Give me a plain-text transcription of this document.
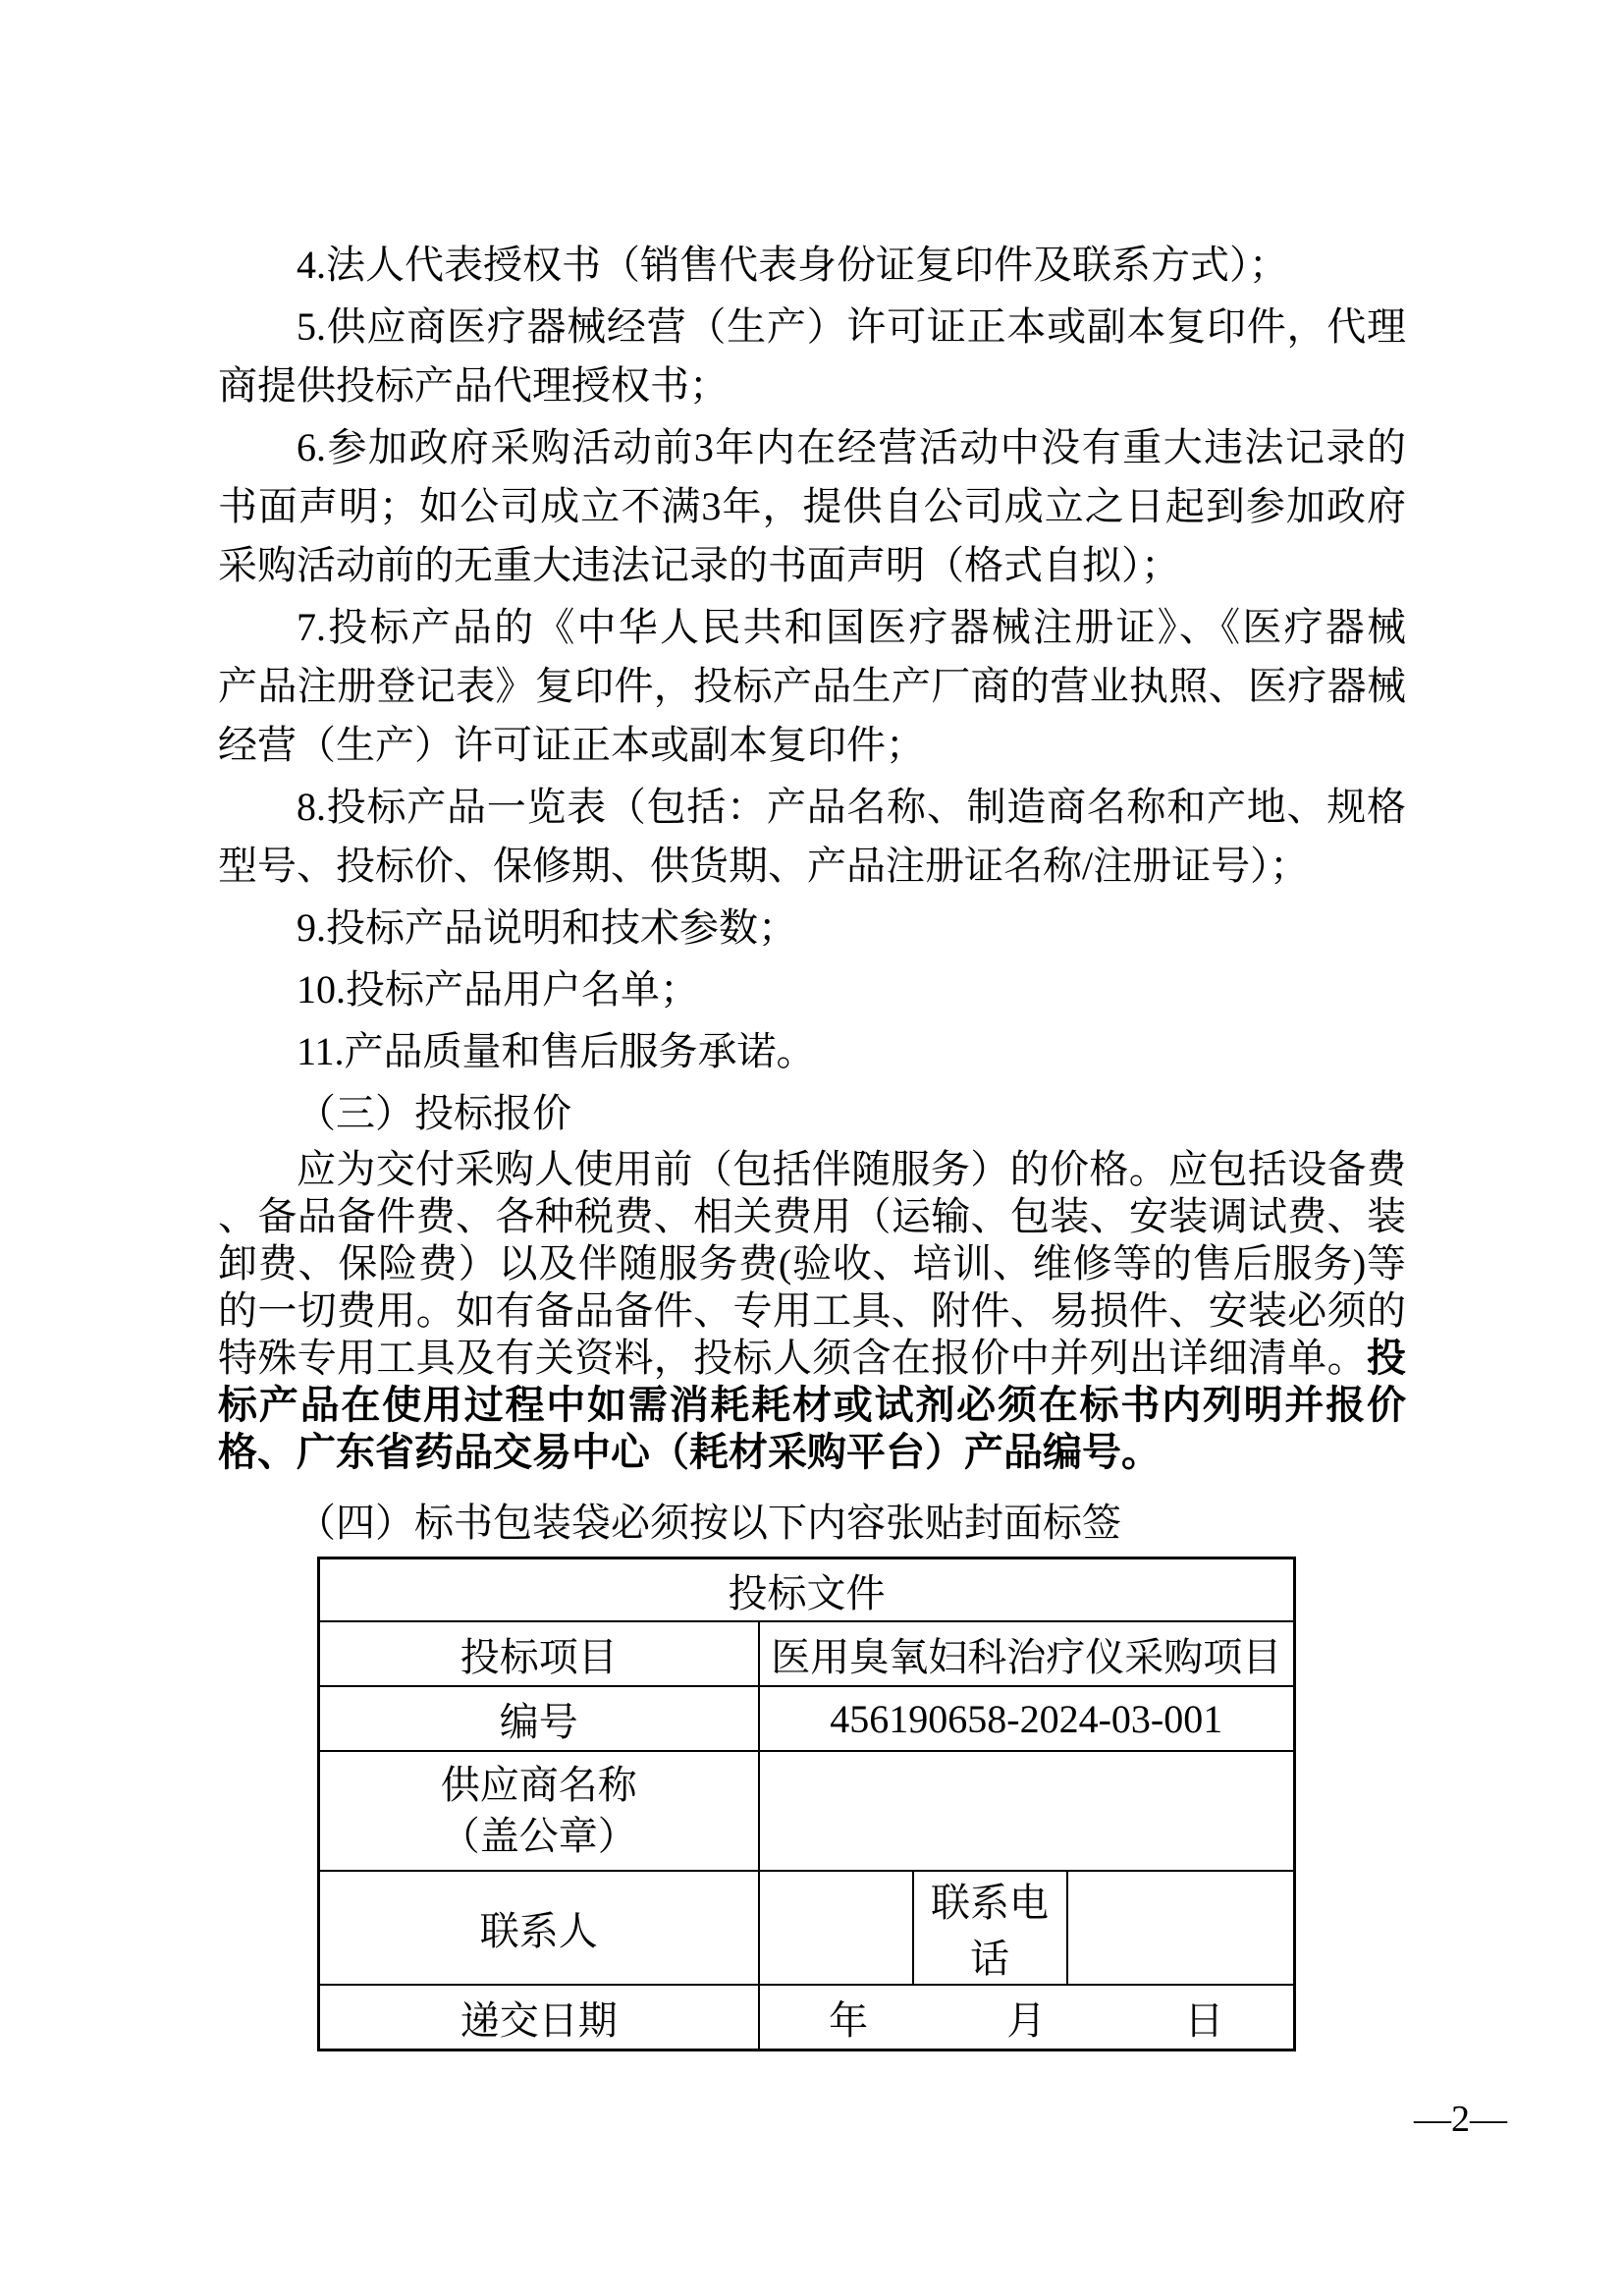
4.法人代表授权书（销售代表身份证复印件及联系方式）；
5.供应商医疗器械经营（生产）许可证正本或副本复印件，代理
商提供投标产品代理授权书；
6.参加政府采购活动前3年内在经营活动中没有重大违法记录的
书面声明；如公司成立不满3年，提供自公司成立之日起到参加政府
采购活动前的无重大违法记录的书面声明（格式自拟）；
7.投标产品的《中华人民共和国医疗器械注册证》、《医疗器械
产品注册登记表》复印件，投标产品生产厂商的营业执照、医疗器械
经营（生产）许可证正本或副本复印件；
8.投标产品一览表（包括：产品名称、制造商名称和产地、规格
型号、投标价、保修期、供货期、产品注册证名称/注册证号）；
9.投标产品说明和技术参数；
10.投标产品用户名单；
11.产品质量和售后服务承诺。
（三）投标报价
应为交付采购人使用前（包括伴随服务）的价格。应包括设备费
、备品备件费、各种税费、相关费用（运输、包装、安装调试费、装
卸费、保险费）以及伴随服务费(验收、培训、维修等的售后服务)等
的一切费用。如有备品备件、专用工具、附件、易损件、安装必须的
特殊专用工具及有关资料，投标人须含在报价中并列出详细清单。投
标产品在使用过程中如需消耗耗材或试剂必须在标书内列明并报价
格、广东省药品交易中心（耗材采购平台）产品编号。
（四）标书包装袋必须按以下内容张贴封面标签
投标文件			
投标项目	医用臭氧妇科治疗仪采购项目		
编号	456190658-2024-03-001		

供应商名称
（盖公章）			

联系人		联系电话	
递交日期	年 月 日		
—2—
